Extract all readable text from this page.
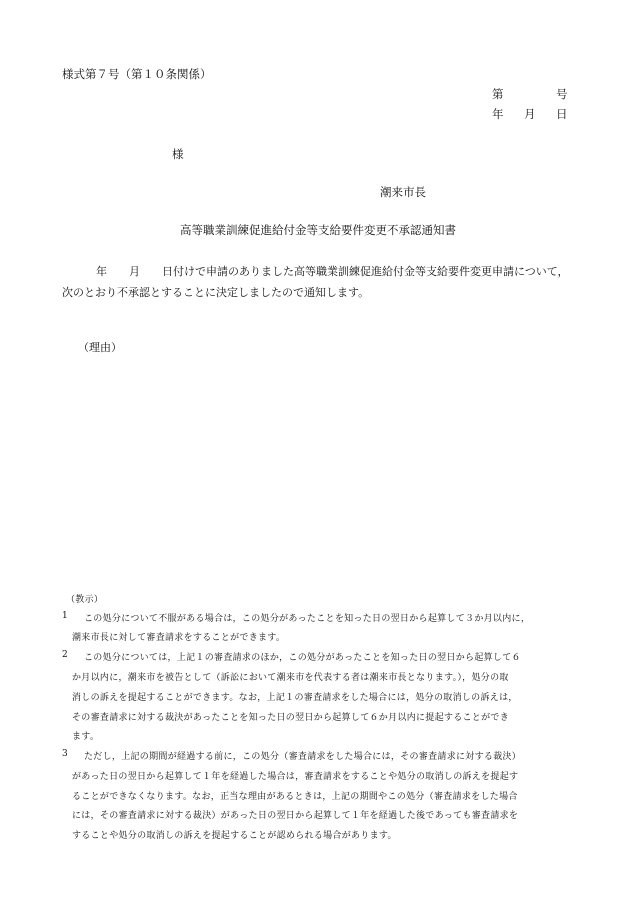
様式第７号（第１０条関係）
第	号
年 月 日
様
潮来市長
高等職業訓練促進給付金等支給要件変更不承認通知書
年　　月　　日付けで申請のありました高等職業訓練促進給付金等支給要件変更申請について，
次のとおり不承認とすることに決定しましたので通知します。
（理由）
（教示）
1 この処分について不服がある場合は，この処分があったことを知った日の翌日から起算して３か月以内に，
潮来市長に対して審査請求をすることができます。
2 この処分については，上記１の審査請求のほか，この処分があったことを知った日の翌日から起算して６
か月以内に，潮来市を被告として（訴訟において潮来市を代表する者は潮来市長となります。），処分の取
消しの訴えを提起することができます。なお，上記１の審査請求をした場合には，処分の取消しの訴えは，
その審査請求に対する裁決があったことを知った日の翌日から起算して６か月以内に提起することができ
ます。
3 ただし，上記の期間が経過する前に，この処分（審査請求をした場合には，その審査請求に対する裁決）
があった日の翌日から起算して１年を経過した場合は，審査請求をすることや処分の取消しの訴えを提起す
ることができなくなります。なお，正当な理由があるときは，上記の期間やこの処分（審査請求をした場合
には，その審査請求に対する裁決）があった日の翌日から起算して１年を経過した後であっても審査請求を
することや処分の取消しの訴えを提起することが認められる場合があります。
